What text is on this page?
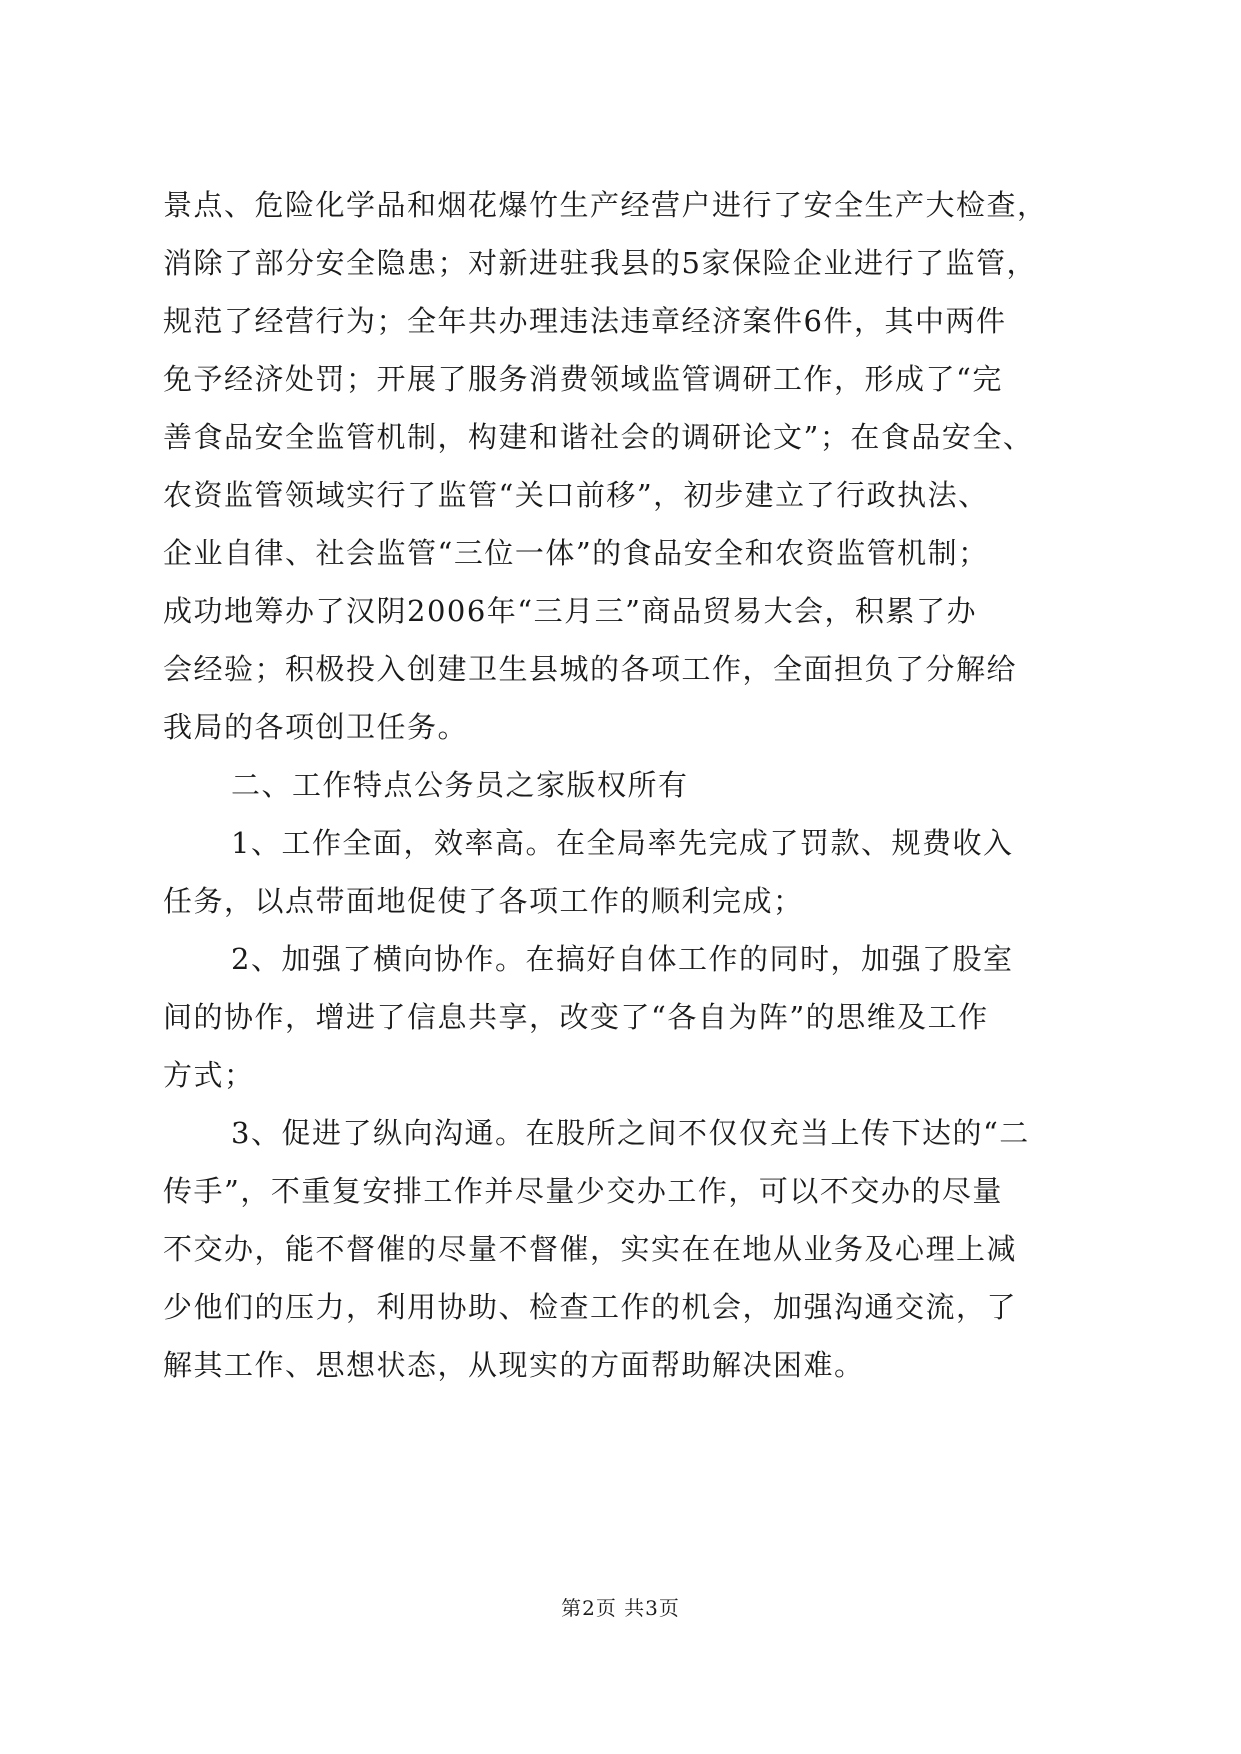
景点、危险化学品和烟花爆竹生产经营户进行了安全生产大检查，
消除了部分安全隐患；对新进驻我县的5家保险企业进行了监管，
规范了经营行为；全年共办理违法违章经济案件6件，其中两件
免予经济处罚；开展了服务消费领域监管调研工作，形成了“完
善食品安全监管机制，构建和谐社会的调研论文”；在食品安全、
农资监管领域实行了监管“关口前移”，初步建立了行政执法、
企业自律、社会监管“三位一体”的食品安全和农资监管机制；
成功地筹办了汉阴2006年“三月三”商品贸易大会，积累了办
会经验；积极投入创建卫生县城的各项工作，全面担负了分解给
我局的各项创卫任务。
二、工作特点公务员之家版权所有
1、工作全面，效率高。在全局率先完成了罚款、规费收入
任务，以点带面地促使了各项工作的顺利完成；
2、加强了横向协作。在搞好自体工作的同时，加强了股室
间的协作，增进了信息共享，改变了“各自为阵”的思维及工作
方式；
3、促进了纵向沟通。在股所之间不仅仅充当上传下达的“二
传手”，不重复安排工作并尽量少交办工作，可以不交办的尽量
不交办，能不督催的尽量不督催，实实在在地从业务及心理上减
少他们的压力，利用协助、检查工作的机会，加强沟通交流，了
解其工作、思想状态，从现实的方面帮助解决困难。
第2页 共3页
